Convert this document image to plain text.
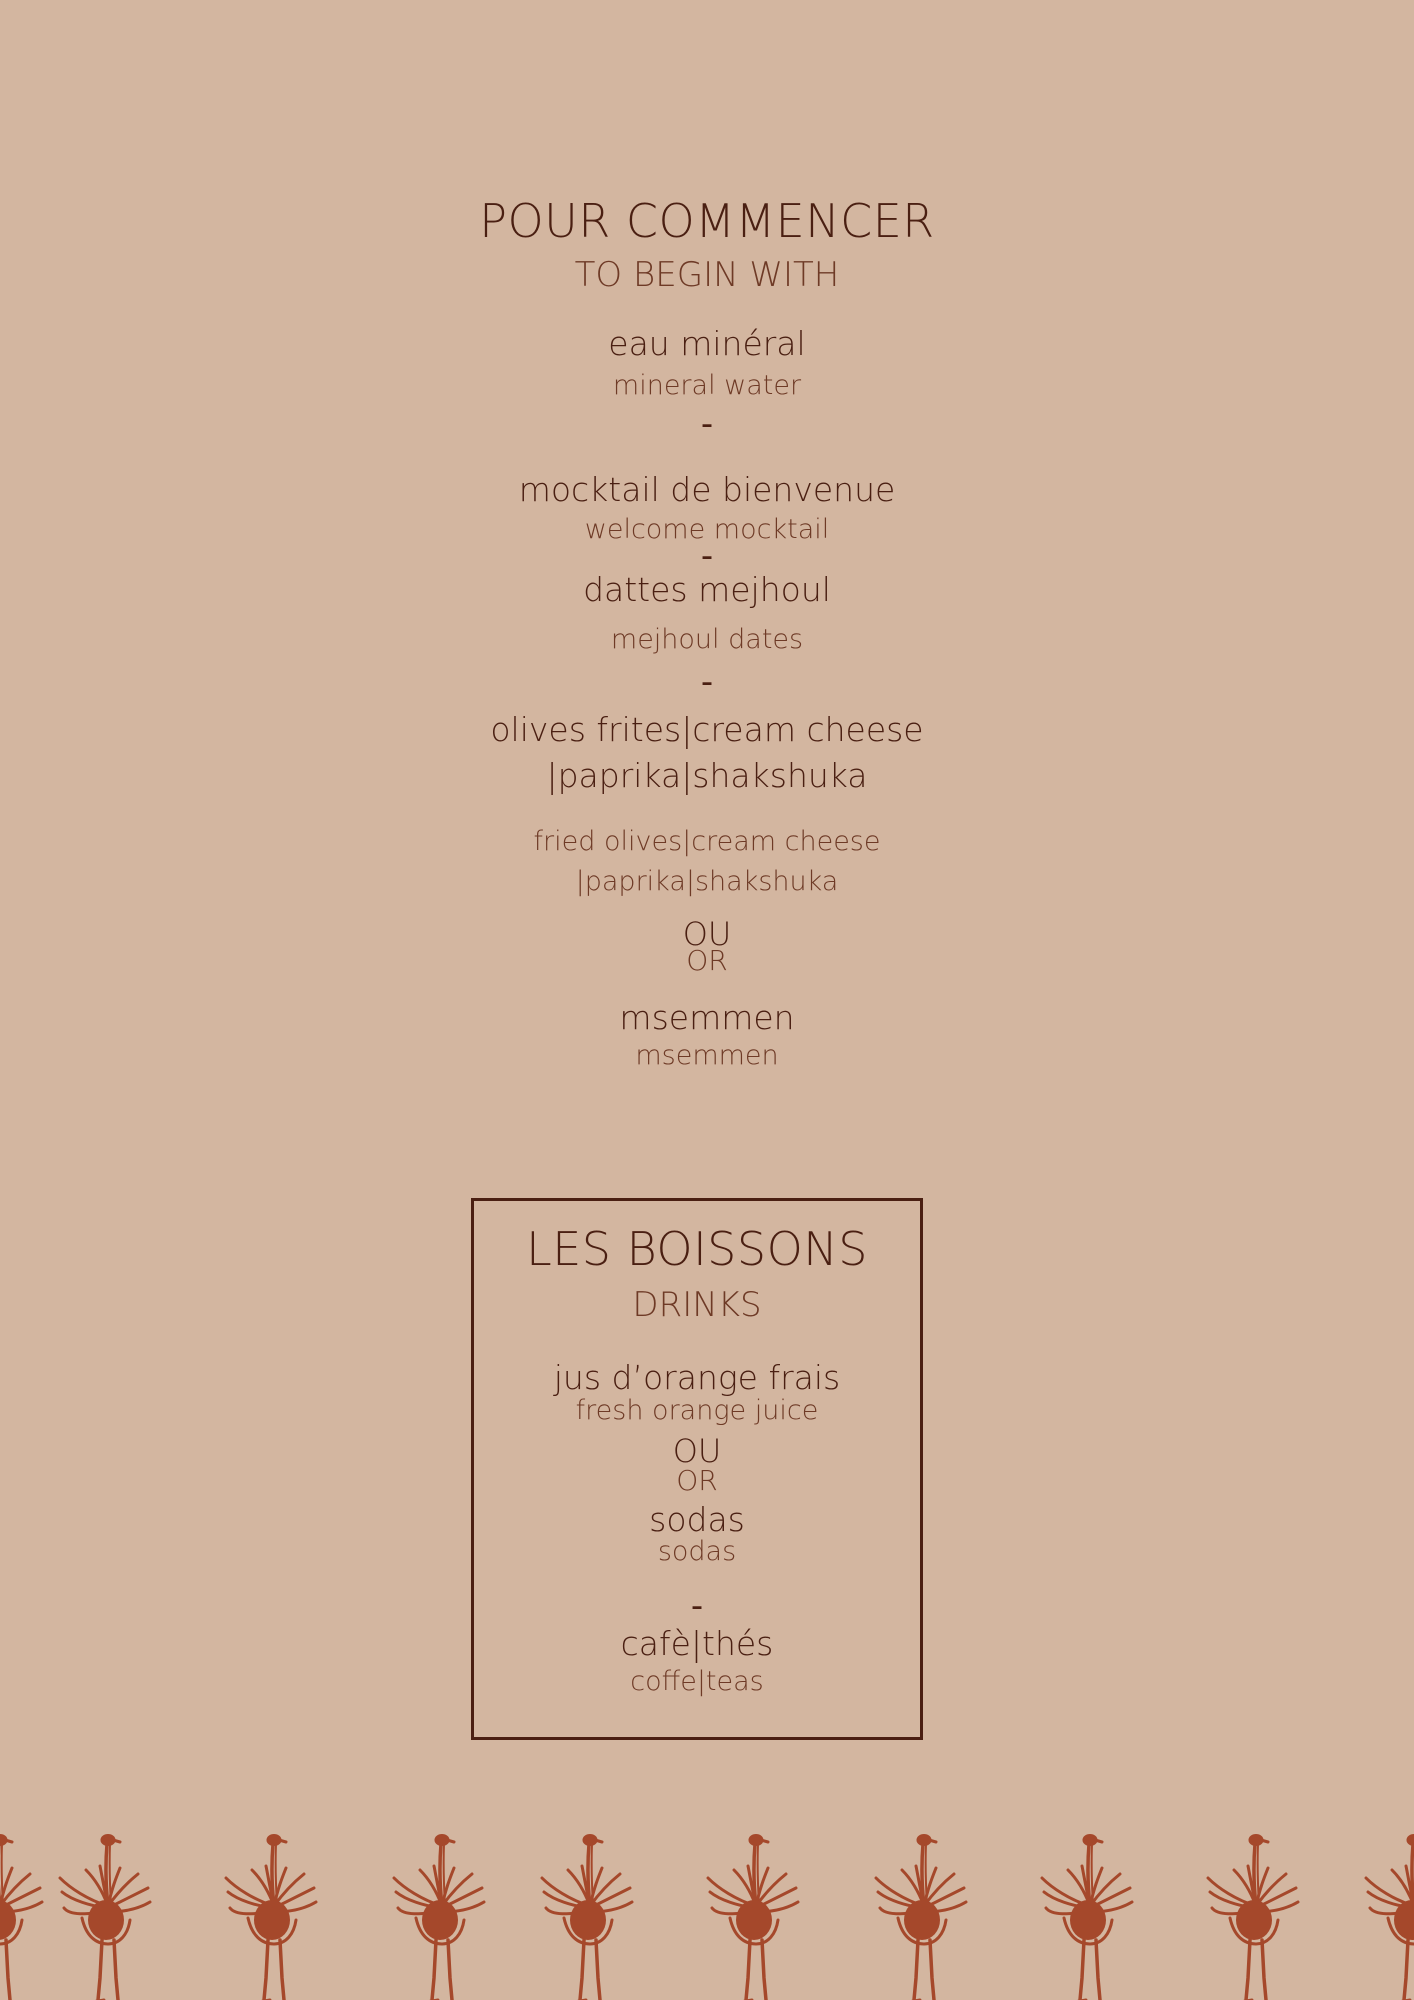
POUR COMMENCER
TO BEGIN WITH
eau minéral
mineral water
-
mocktail de bienvenue
welcome mocktail
-
dattes mejhoul
mejhoul dates
-
olives frites|cream cheese
|paprika|shakshuka
fried olives|cream cheese
|paprika|shakshuka
OU
OR
msemmen
msemmen
LES BOISSONS
DRINKS
jus d’orange frais
fresh orange juice
OU
OR
sodas
sodas
-
cafè|thés
coffe|teas
